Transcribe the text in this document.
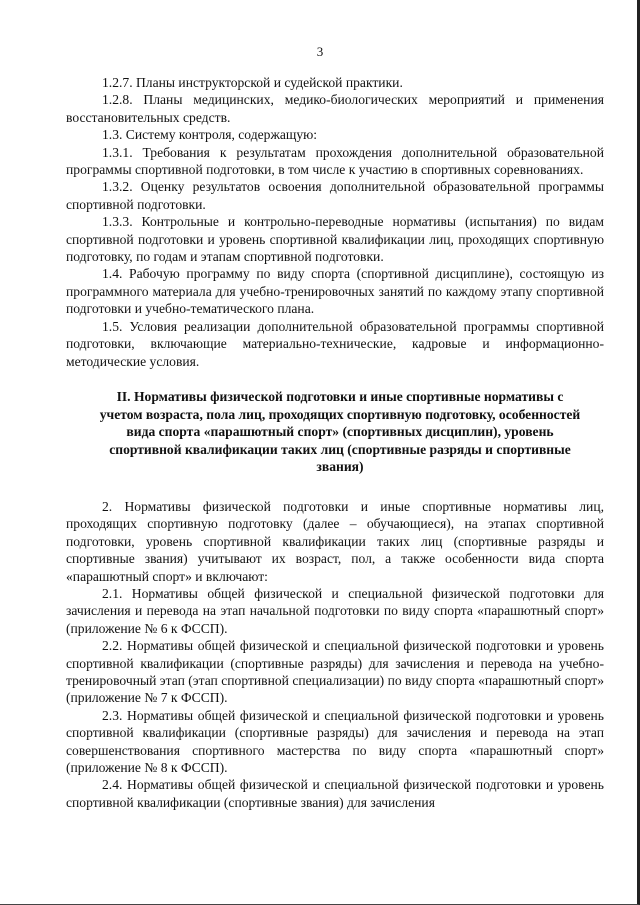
3

1.2.7. Планы инструкторской и судейской практики.

1.2.8. Планы медицинских, медико-биологических мероприятий и применения восстановительных средств.

1.3. Систему контроля, содержащую:

1.3.1. Требования к результатам прохождения дополнительной образовательной программы спортивной подготовки, в том числе к участию в спортивных соревнованиях.

1.3.2. Оценку результатов освоения дополнительной образовательной программы спортивной подготовки.

1.3.3. Контрольные и контрольно-переводные нормативы (испытания) по видам спортивной подготовки и уровень спортивной квалификации лиц, проходящих спортивную подготовку, по годам и этапам спортивной подготовки.

1.4. Рабочую программу по виду спорта (спортивной дисциплине), состоящую из программного материала для учебно-тренировочных занятий по каждому этапу спортивной подготовки и учебно-тематического плана.

1.5. Условия реализации дополнительной образовательной программы спортивной подготовки, включающие материально-технические, кадровые и информационно-методические условия.

II. Нормативы физической подготовки и иные спортивные нормативы с учетом возраста, пола лиц, проходящих спортивную подготовку, особенностей вида спорта «парашютный спорт» (спортивных дисциплин), уровень спортивной квалификации таких лиц (спортивные разряды и спортивные звания)

2. Нормативы физической подготовки и иные спортивные нормативы лиц, проходящих спортивную подготовку (далее – обучающиеся), на этапах спортивной подготовки, уровень спортивной квалификации таких лиц (спортивные разряды и спортивные звания) учитывают их возраст, пол, а также особенности вида спорта «парашютный спорт» и включают:

2.1. Нормативы общей физической и специальной физической подготовки для зачисления и перевода на этап начальной подготовки по виду спорта «парашютный спорт» (приложение № 6 к ФССП).

2.2. Нормативы общей физической и специальной физической подготовки и уровень спортивной квалификации (спортивные разряды) для зачисления и перевода на учебно-тренировочный этап (этап спортивной специализации) по виду спорта «парашютный спорт» (приложение № 7 к ФССП).

2.3. Нормативы общей физической и специальной физической подготовки и уровень спортивной квалификации (спортивные разряды) для зачисления и перевода на этап совершенствования спортивного мастерства по виду спорта «парашютный спорт» (приложение № 8 к ФССП).

2.4. Нормативы общей физической и специальной физической подготовки и уровень спортивной квалификации (спортивные звания) для зачисления
